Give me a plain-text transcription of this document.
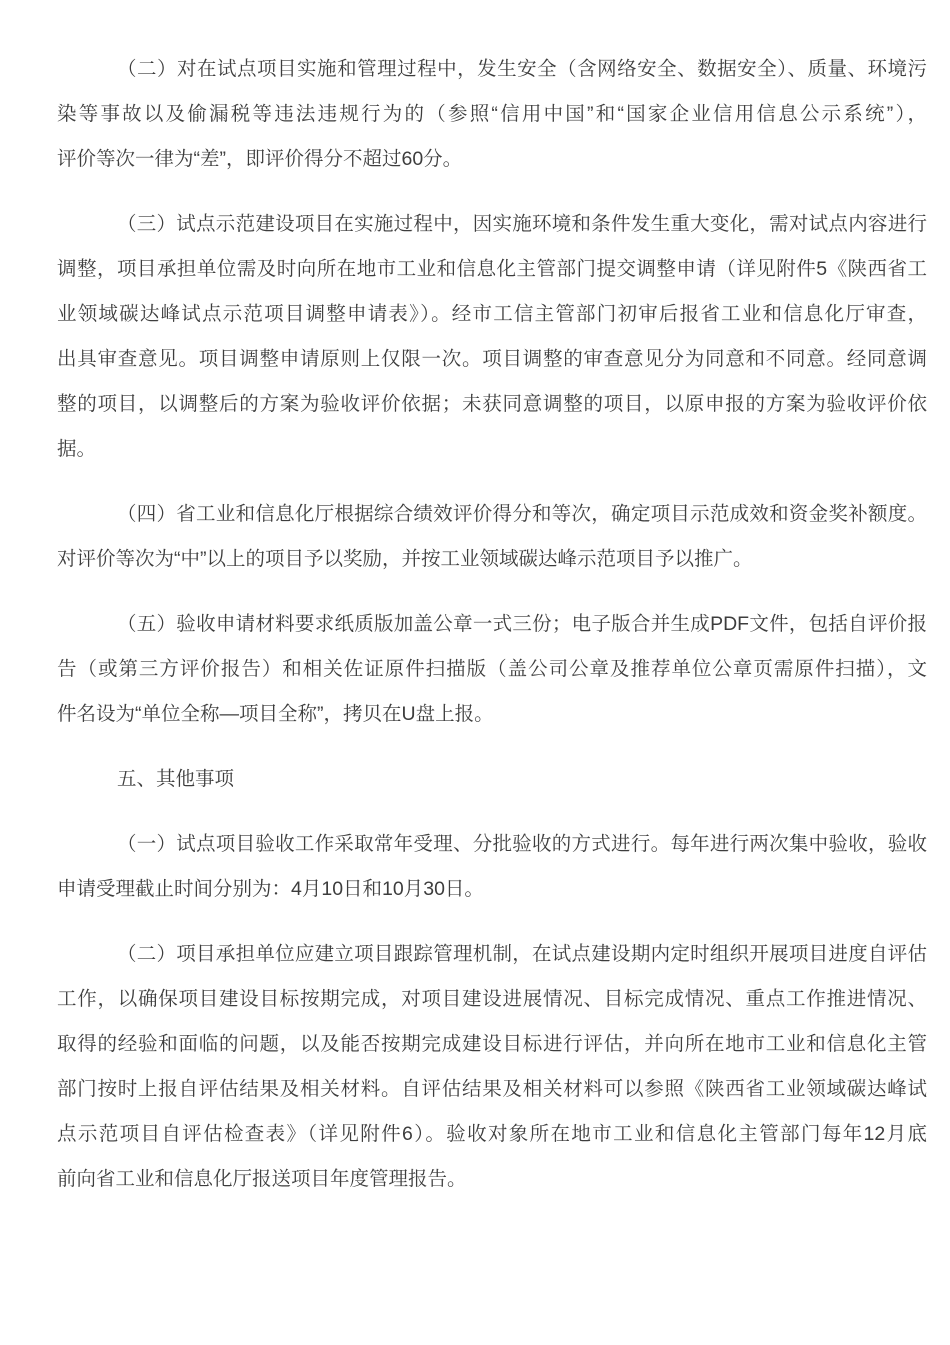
（二）对在试点项目实施和管理过程中，发生安全（含网络安全、数据安全）、质量、环境污
染等事故以及偷漏税等违法违规行为的（参照“信用中国”和“国家企业信用信息公示系统”），
评价等次一律为“差”，即评价得分不超过60分。
（三）试点示范建设项目在实施过程中，因实施环境和条件发生重大变化，需对试点内容进行
调整，项目承担单位需及时向所在地市工业和信息化主管部门提交调整申请（详见附件5《陕西省工
业领域碳达峰试点示范项目调整申请表》）。经市工信主管部门初审后报省工业和信息化厅审查，
出具审查意见。项目调整申请原则上仅限一次。项目调整的审查意见分为同意和不同意。经同意调
整的项目，以调整后的方案为验收评价依据；未获同意调整的项目，以原申报的方案为验收评价依
据。
（四）省工业和信息化厅根据综合绩效评价得分和等次，确定项目示范成效和资金奖补额度。
对评价等次为“中”以上的项目予以奖励，并按工业领域碳达峰示范项目予以推广。
（五）验收申请材料要求纸质版加盖公章一式三份；电子版合并生成PDF文件，包括自评价报
告（或第三方评价报告）和相关佐证原件扫描版（盖公司公章及推荐单位公章页需原件扫描），文
件名设为“单位全称—项目全称”，拷贝在U盘上报。
五、其他事项
（一）试点项目验收工作采取常年受理、分批验收的方式进行。每年进行两次集中验收，验收
申请受理截止时间分别为：4月10日和10月30日。
（二）项目承担单位应建立项目跟踪管理机制，在试点建设期内定时组织开展项目进度自评估
工作，以确保项目建设目标按期完成，对项目建设进展情况、目标完成情况、重点工作推进情况、
取得的经验和面临的问题，以及能否按期完成建设目标进行评估，并向所在地市工业和信息化主管
部门按时上报自评估结果及相关材料。自评估结果及相关材料可以参照《陕西省工业领域碳达峰试
点示范项目自评估检查表》（详见附件6）。验收对象所在地市工业和信息化主管部门每年12月底
前向省工业和信息化厅报送项目年度管理报告。
